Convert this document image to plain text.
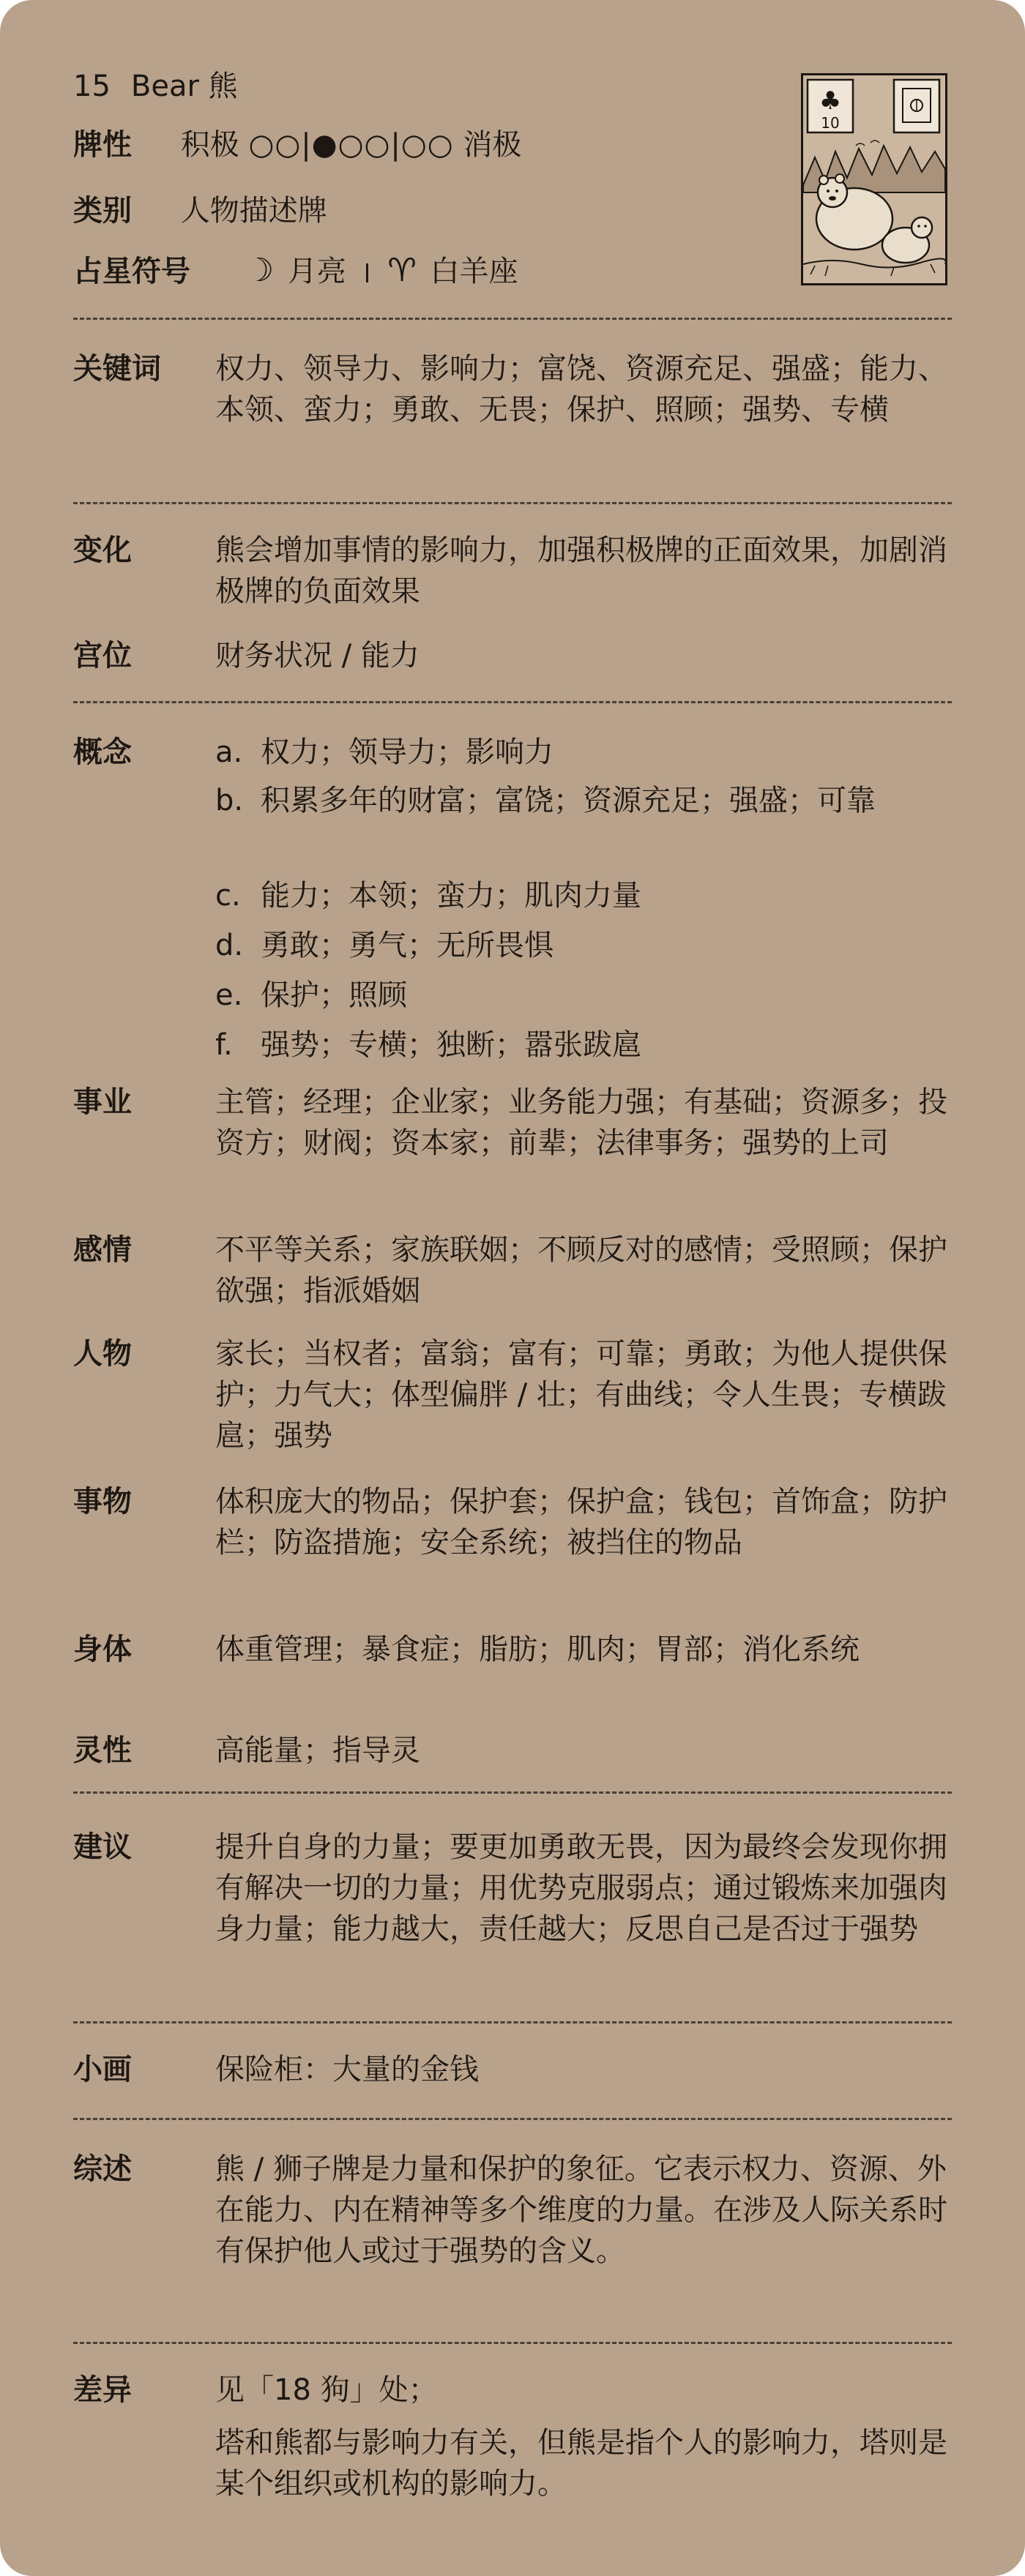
15 Bear 熊
牌性 积极 ○○|●○○|○○ 消极
类别 人物描述牌
占星符号 ☽ 月亮 ♈ 白羊座
♣
10
关键词	权力、领导力、影响力；富饶、资源充足、强盛；能力、本领、蛮力；勇敢、无畏；保护、照顾；强势、专横
变化	熊会增加事情的影响力，加强积极牌的正面效果，加剧消极牌的负面效果
宫位	财务状况 / 能力
概念	a. 权力；领导力；影响力
b. 积累多年的财富；富饶；资源充足；强盛；可靠
c. 能力；本领；蛮力；肌肉力量
d. 勇敢；勇气；无所畏惧
e. 保护；照顾
f. 强势；专横；独断；嚣张跋扈
事业	主管；经理；企业家；业务能力强；有基础；资源多；投资方；财阀；资本家；前辈；法律事务；强势的上司
感情	不平等关系；家族联姻；不顾反对的感情；受照顾；保护欲强；指派婚姻
人物	家长；当权者；富翁；富有；可靠；勇敢；为他人提供保护；力气大；体型偏胖 / 壮；有曲线；令人生畏；专横跋扈；强势
事物	体积庞大的物品；保护套；保护盒；钱包；首饰盒；防护栏；防盗措施；安全系统；被挡住的物品
身体	体重管理；暴食症；脂肪；肌肉；胃部；消化系统
灵性	高能量；指导灵
建议	提升自身的力量；要更加勇敢无畏，因为最终会发现你拥有解决一切的力量；用优势克服弱点；通过锻炼来加强肉身力量；能力越大，责任越大；反思自己是否过于强势
小画	保险柜：大量的金钱
综述	熊 / 狮子牌是力量和保护的象征。它表示权力、资源、外在能力、内在精神等多个维度的力量。在涉及人际关系时有保护他人或过于强势的含义。
差异	见「18 狗」处；
塔和熊都与影响力有关，但熊是指个人的影响力，塔则是某个组织或机构的影响力。
